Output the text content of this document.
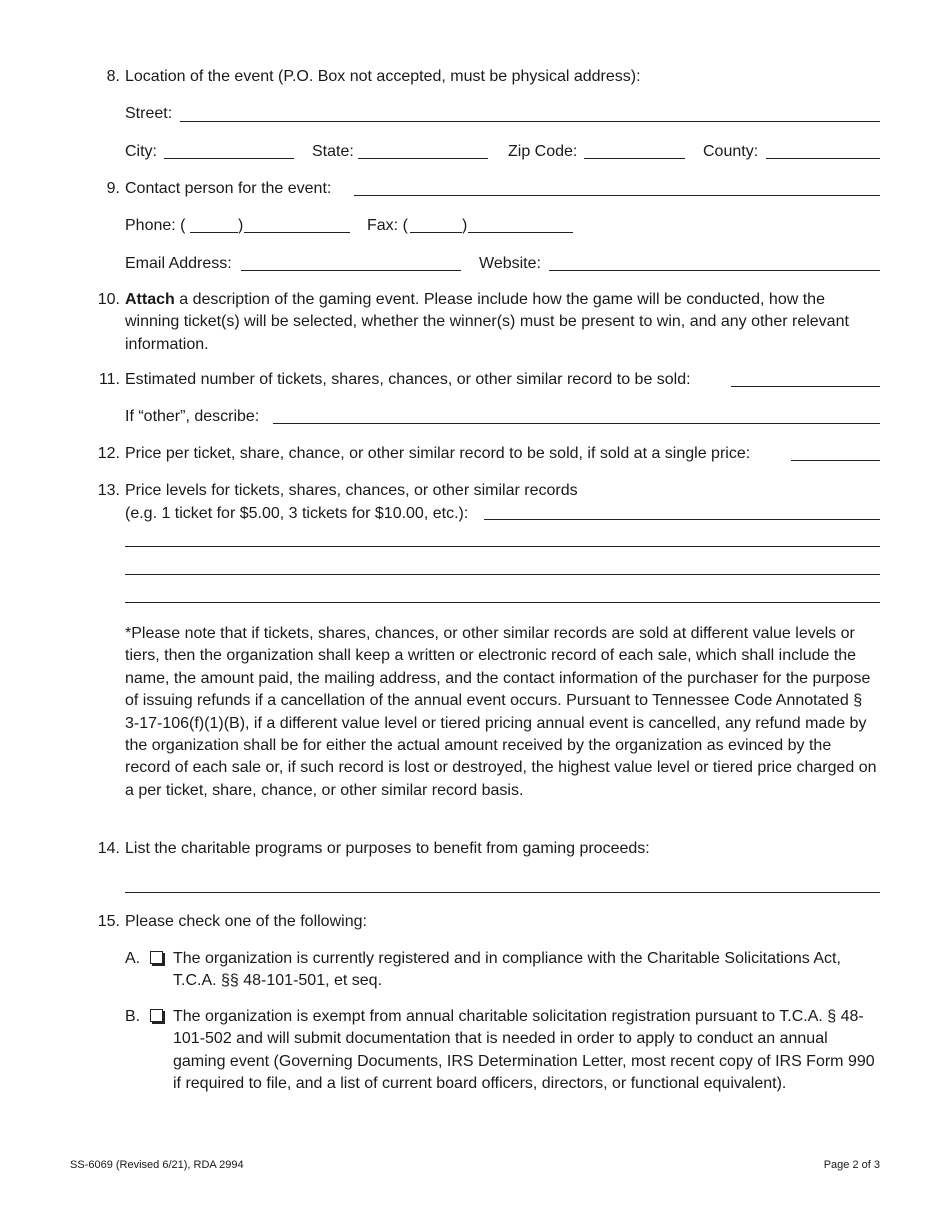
8. Location of the event (P.O. Box not accepted, must be physical address):
Street:
City:	State:	Zip Code:	County:
9. Contact person for the event:
Phone: (	)	Fax: (	)
Email Address:	Website:
10. Attach a description of the gaming event. Please include how the game will be conducted, how the winning ticket(s) will be selected, whether the winner(s) must be present to win, and any other relevant information.
11. Estimated number of tickets, shares, chances, or other similar record to be sold:
If “other”, describe:
12. Price per ticket, share, chance, or other similar record to be sold, if sold at a single price:
13. Price levels for tickets, shares, chances, or other similar records
(e.g. 1 ticket for $5.00, 3 tickets for $10.00, etc.):
*Please note that if tickets, shares, chances, or other similar records are sold at different value levels or tiers, then the organization shall keep a written or electronic record of each sale, which shall include the name, the amount paid, the mailing address, and the contact information of the purchaser for the purpose of issuing refunds if a cancellation of the annual event occurs. Pursuant to Tennessee Code Annotated § 3-17-106(f)(1)(B), if a different value level or tiered pricing annual event is cancelled, any refund made by the organization shall be for either the actual amount received by the organization as evinced by the record of each sale or, if such record is lost or destroyed, the highest value level or tiered price charged on a per ticket, share, chance, or other similar record basis.
14. List the charitable programs or purposes to benefit from gaming proceeds:
15. Please check one of the following:
A. The organization is currently registered and in compliance with the Charitable Solicitations Act, T.C.A. §§ 48-101-501, et seq.
B. The organization is exempt from annual charitable solicitation registration pursuant to T.C.A. § 48-101-502 and will submit documentation that is needed in order to apply to conduct an annual gaming event (Governing Documents, IRS Determination Letter, most recent copy of IRS Form 990 if required to file, and a list of current board officers, directors, or functional equivalent).
SS-6069 (Revised 6/21), RDA 2994	Page 2 of 3
